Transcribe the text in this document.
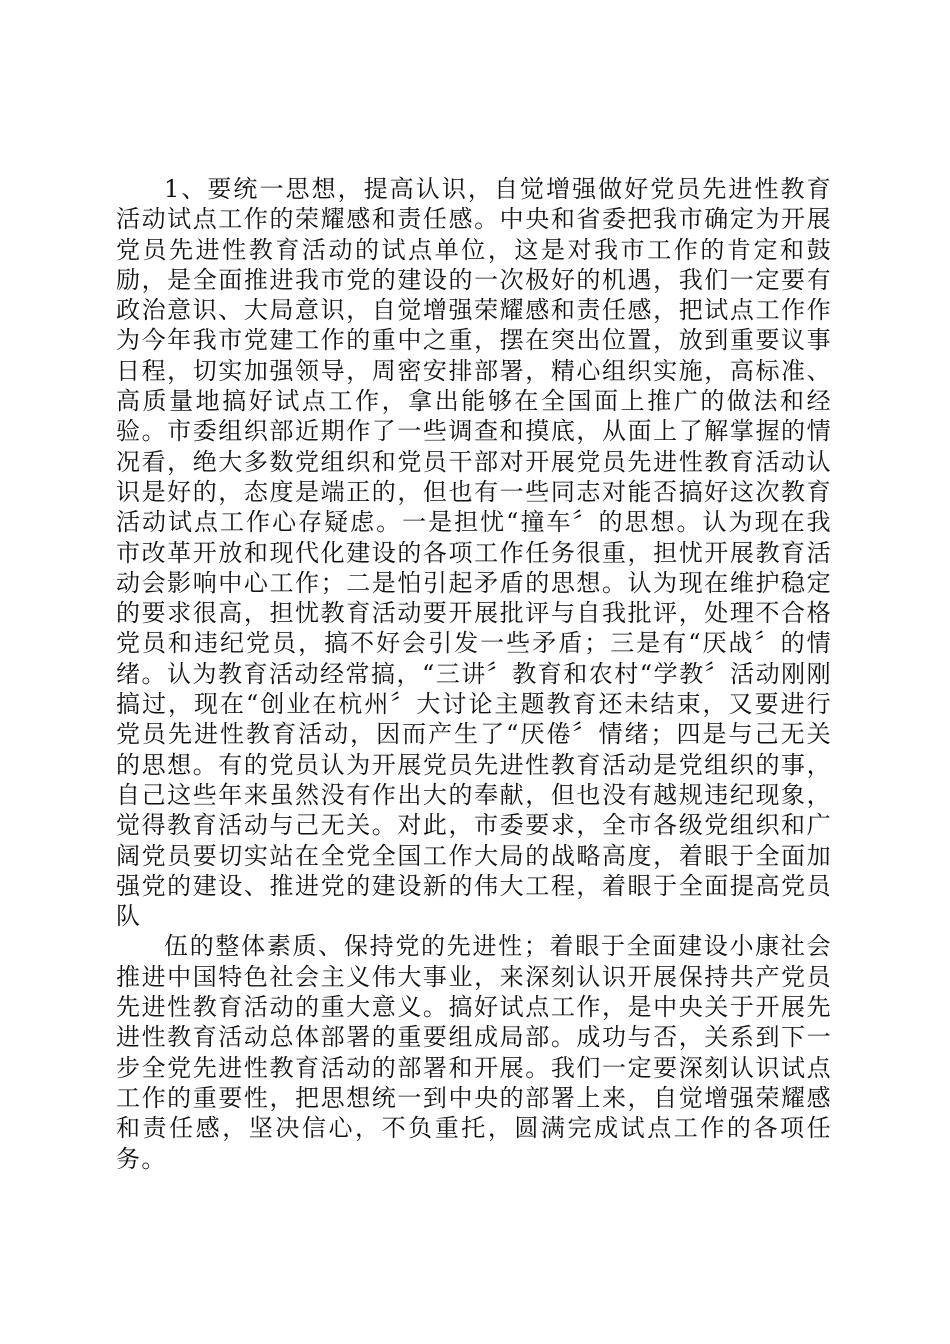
1、要统一思想，提高认识，自觉增强做好党员先进性教育活动试点工作的荣耀感和责任感。中央和省委把我市确定为开展党员先进性教育活动的试点单位，这是对我市工作的肯定和鼓励，是全面推进我市党的建设的一次极好的机遇，我们一定要有政治意识、大局意识，自觉增强荣耀感和责任感，把试点工作作为今年我市党建工作的重中之重，摆在突出位置，放到重要议事日程，切实加强领导，周密安排部署，精心组织实施，高标准、高质量地搞好试点工作，拿出能够在全国面上推广的做法和经验。市委组织部近期作了一些调查和摸底，从面上了解掌握的情况看，绝大多数党组织和党员干部对开展党员先进性教育活动认识是好的，态度是端正的，但也有一些同志对能否搞好这次教育活动试点工作心存疑虑。一是担忧“撞车〞的思想。认为现在我市改革开放和现代化建设的各项工作任务很重，担忧开展教育活动会影响中心工作；二是怕引起矛盾的思想。认为现在维护稳定的要求很高，担忧教育活动要开展批评与自我批评，处理不合格党员和违纪党员，搞不好会引发一些矛盾；三是有“厌战〞的情绪。认为教育活动经常搞，“三讲〞教育和农村“学教〞活动刚刚搞过，现在“创业在杭州〞大讨论主题教育还未结束，又要进行党员先进性教育活动，因而产生了“厌倦〞情绪；四是与己无关的思想。有的党员认为开展党员先进性教育活动是党组织的事，自己这些年来虽然没有作出大的奉献，但也没有越规违纪现象，觉得教育活动与己无关。对此，市委要求，全市各级党组织和广阔党员要切实站在全党全国工作大局的战略高度，着眼于全面加强党的建设、推进党的建设新的伟大工程，着眼于全面提高党员队

伍的整体素质、保持党的先进性；着眼于全面建设小康社会推进中国特色社会主义伟大事业，来深刻认识开展保持共产党员先进性教育活动的重大意义。搞好试点工作，是中央关于开展先进性教育活动总体部署的重要组成局部。成功与否，关系到下一步全党先进性教育活动的部署和开展。我们一定要深刻认识试点工作的重要性，把思想统一到中央的部署上来，自觉增强荣耀感和责任感，坚决信心，不负重托，圆满完成试点工作的各项任务。
